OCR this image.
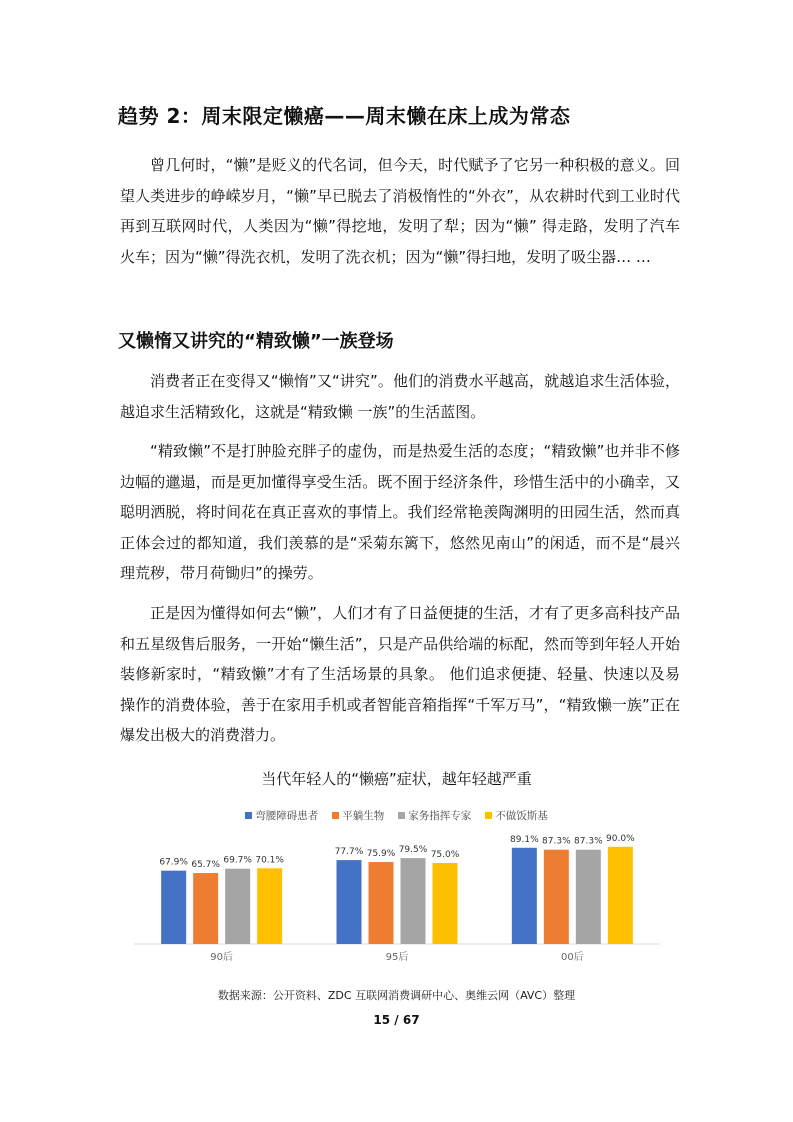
趋势 2：周末限定懒癌——周末懒在床上成为常态

曾几何时，“懒”是贬义的代名词，但今天，时代赋予了它另一种积极的意义。回望人类进步的峥嵘岁月，“懒”早已脱去了消极惰性的“外衣”，从农耕时代到工业时代再到互联网时代，人类因为“懒”得挖地，发明了犁；因为“懒” 得走路，发明了汽车火车；因为“懒”得洗衣机，发明了洗衣机；因为“懒”得扫地，发明了吸尘器… …

又懒惰又讲究的“精致懒”一族登场

消费者正在变得又“懒惰”又“讲究”。他们的消费水平越高，就越追求生活体验，越追求生活精致化，这就是“精致懒 一族”的生活蓝图。

“精致懒”不是打肿脸充胖子的虚伪，而是热爱生活的态度；“精致懒”也并非不修边幅的邋遢，而是更加懂得享受生活。既不囿于经济条件，珍惜生活中的小确幸，又聪明洒脱，将时间花在真正喜欢的事情上。我们经常艳羡陶渊明的田园生活，然而真正体会过的都知道，我们羡慕的是“采菊东篱下，悠然见南山”的闲适，而不是“晨兴理荒秽，带月荷锄归”的操劳。

正是因为懂得如何去“懒”，人们才有了日益便捷的生活，才有了更多高科技产品和五星级售后服务，一开始“懒生活”，只是产品供给端的标配，然而等到年轻人开始装修新家时，“精致懒”才有了生活场景的具象。 他们追求便捷、轻量、快速以及易操作的消费体验，善于在家用手机或者智能音箱指挥“千军万马”，“精致懒一族”正在爆发出极大的消费潜力。

当代年轻人的“懒癌”症状，越年轻越严重
弯腰障碍患者 平躺生物 家务指挥专家 不做饭斯基
67.9% 65.7% 69.7% 70.1%
90后
77.7% 75.9% 79.5% 75.0%
95后
89.1% 87.3% 87.3% 90.0%
00后
数据来源：公开资料、ZDC 互联网消费调研中心、奥维云网（AVC）整理
15 / 67
